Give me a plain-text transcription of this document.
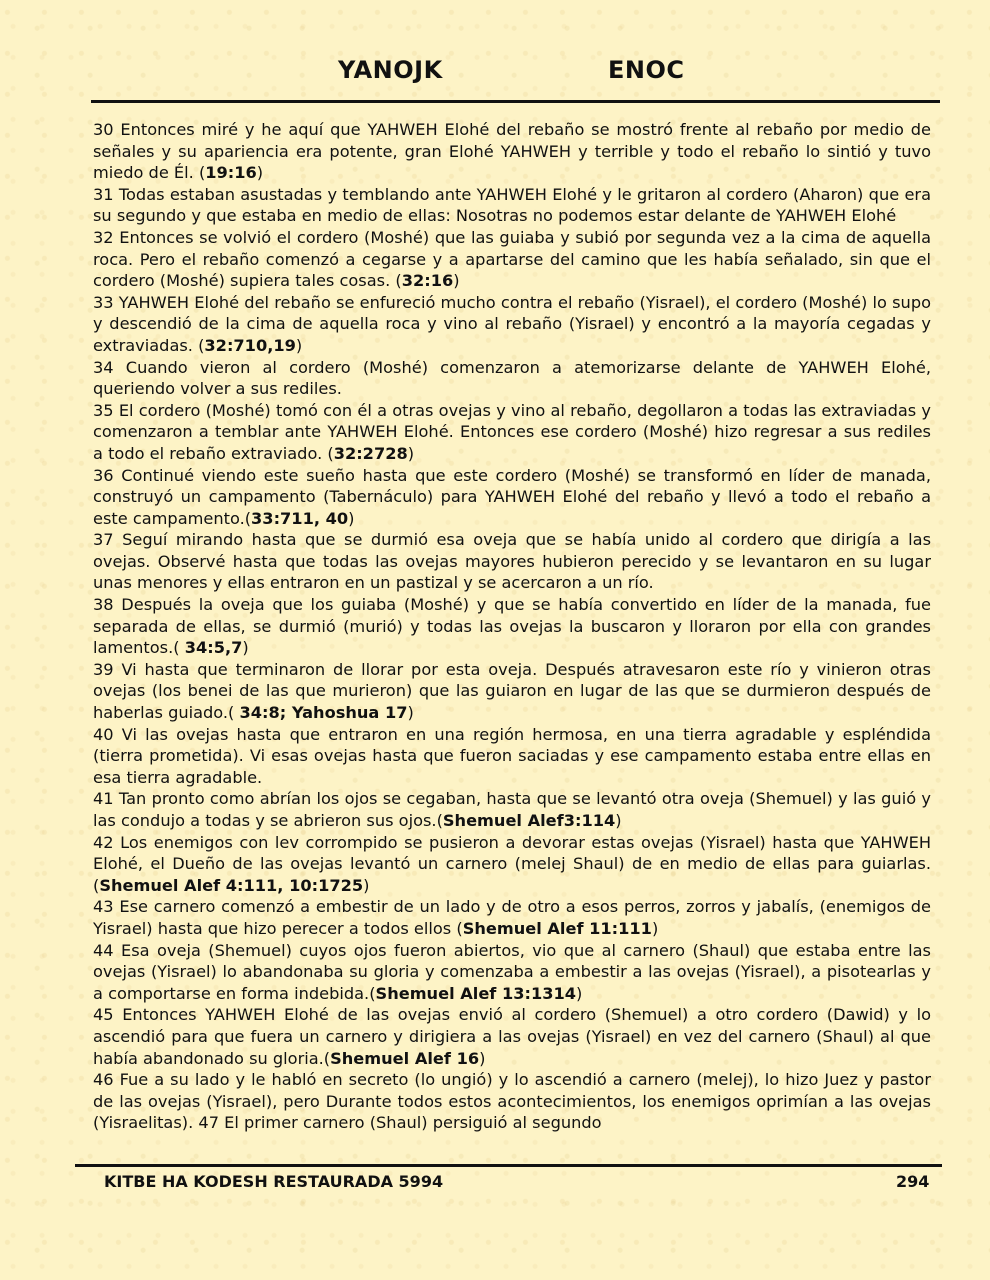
YANOJK	ENOC

30 Entonces miré y he aquí que YAHWEH Elohé del rebaño se mostró frente al rebaño por medio de señales y su apariencia era potente, gran Elohé YAHWEH y terrible y todo el rebaño lo sintió y tuvo miedo de Él. (19:16)

31 Todas estaban asustadas y temblando ante YAHWEH Elohé y le gritaron al cordero (Aharon) que era su segundo y que estaba en medio de ellas: Nosotras no podemos estar delante de YAHWEH Elohé

32 Entonces se volvió el cordero (Moshé) que las guiaba y subió por segunda vez a la cima de aquella roca. Pero el rebaño comenzó a cegarse y a apartarse del camino que les había señalado, sin que el cordero (Moshé) supiera tales cosas. (32:16)

33 YAHWEH Elohé del rebaño se enfureció mucho contra el rebaño (Yisrael), el cordero (Moshé) lo supo y descendió de la cima de aquella roca y vino al rebaño (Yisrael) y encontró a la mayoría cegadas y extraviadas. (32:710,19)

34 Cuando vieron al cordero (Moshé) comenzaron a atemorizarse delante de YAHWEH Elohé, queriendo volver a sus rediles.

35 El cordero (Moshé) tomó con él a otras ovejas y vino al rebaño, degollaron a todas las extraviadas y comenzaron a temblar ante YAHWEH Elohé. Entonces ese cordero (Moshé) hizo regresar a sus rediles a todo el rebaño extraviado. (32:2728)

36 Continué viendo este sueño hasta que este cordero (Moshé) se transformó en líder de manada, construyó un campamento (Tabernáculo) para YAHWEH Elohé del rebaño y llevó a todo el rebaño a este campamento.(33:711, 40)

37 Seguí mirando hasta que se durmió esa oveja que se había unido al cordero que dirigía a las ovejas. Observé hasta que todas las ovejas mayores hubieron perecido y se levantaron en su lugar unas menores y ellas entraron en un pastizal y se acercaron a un río.

38 Después la oveja que los guiaba (Moshé) y que se había convertido en líder de la manada, fue separada de ellas, se durmió (murió) y todas las ovejas la buscaron y lloraron por ella con grandes lamentos.( 34:5,7)

39 Vi hasta que terminaron de llorar por esta oveja. Después atravesaron este río y vinieron otras ovejas (los benei de las que murieron) que las guiaron en lugar de las que se durmieron después de haberlas guiado.( 34:8; Yahoshua 17)

40 Vi las ovejas hasta que entraron en una región hermosa, en una tierra agradable y espléndida (tierra prometida). Vi esas ovejas hasta que fueron saciadas y ese campamento estaba entre ellas en esa tierra agradable.

41 Tan pronto como abrían los ojos se cegaban, hasta que se levantó otra oveja (Shemuel) y las guió y las condujo a todas y se abrieron sus ojos.(Shemuel Alef3:114)

42 Los enemigos con lev corrompido se pusieron a devorar estas ovejas (Yisrael) hasta que YAHWEH Elohé, el Dueño de las ovejas levantó un carnero (melej Shaul) de en medio de ellas para guiarlas. (Shemuel Alef 4:111, 10:1725)

43 Ese carnero comenzó a embestir de un lado y de otro a esos perros, zorros y jabalís, (enemigos de Yisrael) hasta que hizo perecer a todos ellos (Shemuel Alef 11:111)

44 Esa oveja (Shemuel) cuyos ojos fueron abiertos, vio que al carnero (Shaul) que estaba entre las ovejas (Yisrael) lo abandonaba su gloria y comenzaba a embestir a las ovejas (Yisrael), a pisotearlas y a comportarse en forma indebida.(Shemuel Alef 13:1314)

45 Entonces YAHWEH Elohé de las ovejas envió al cordero (Shemuel) a otro cordero (Dawid) y lo ascendió para que fuera un carnero y dirigiera a las ovejas (Yisrael) en vez del carnero (Shaul) al que había abandonado su gloria.(Shemuel Alef 16)

46 Fue a su lado y le habló en secreto (lo ungió) y lo ascendió a carnero (melej), lo hizo Juez y pastor de las ovejas (Yisrael), pero Durante todos estos acontecimientos, los enemigos oprimían a las ovejas (Yisraelitas). 47 El primer carnero (Shaul) persiguió al segundo

KITBE HA KODESH RESTAURADA 5994	294
